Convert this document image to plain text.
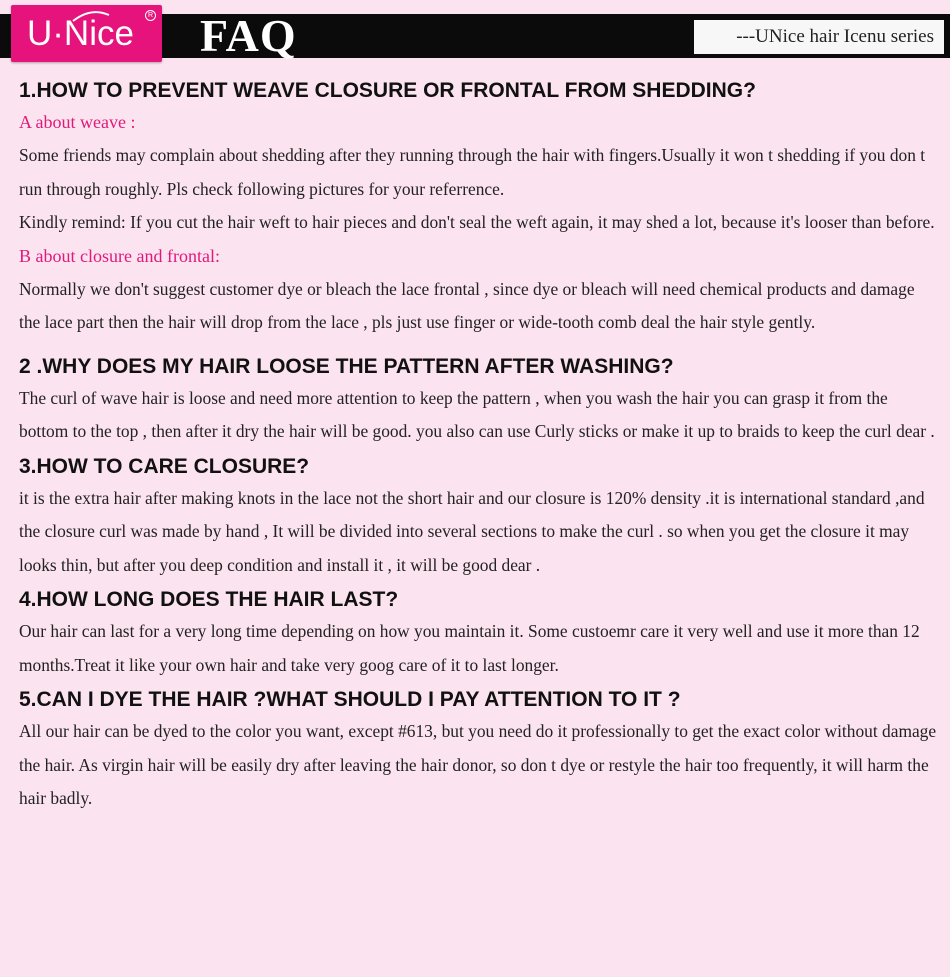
U·Nice	R FAQ	---UNice hair Icenu series

1.HOW TO PREVENT WEAVE CLOSURE OR FRONTAL FROM SHEDDING?

A about weave :

Some friends may complain about shedding after they running through the hair with fingers.Usually it won t shedding if you don t run through roughly. Pls check following pictures for your referrence.

Kindly remind: If you cut the hair weft to hair pieces and don't seal the weft again, it may shed a lot, because it's looser than before.

B about closure and frontal:

Normally we don't suggest customer dye or bleach the lace frontal , since dye or bleach will need chemical products and damage the lace part then the hair will drop from the lace , pls just use finger or wide-tooth comb deal the hair style gently.

2 .WHY DOES MY HAIR LOOSE THE PATTERN AFTER WASHING?

The curl of wave hair is loose and need more attention to keep the pattern , when you wash the hair you can grasp it from the bottom to the top , then after it dry the hair will be good. you also can use Curly sticks or make it up to braids to keep the curl dear .

3.HOW TO CARE CLOSURE?

it is the extra hair after making knots in the lace not the short hair and our closure is 120% density .it is international standard ,and the closure curl was made by hand , It will be divided into several sections to make the curl . so when you get the closure it may looks thin, but after you deep condition and install it , it will be good dear .

4.HOW LONG DOES THE HAIR LAST?

Our hair can last for a very long time depending on how you maintain it. Some custoemr care it very well and use it more than 12 months.Treat it like your own hair and take very goog care of it to last longer.

5.CAN I DYE THE HAIR ?WHAT SHOULD I PAY ATTENTION TO IT ?

All our hair can be dyed to the color you want, except #613, but you need do it professionally to get the exact color without damage the hair. As virgin hair will be easily dry after leaving the hair donor, so don t dye or restyle the hair too frequently, it will harm the hair badly.
